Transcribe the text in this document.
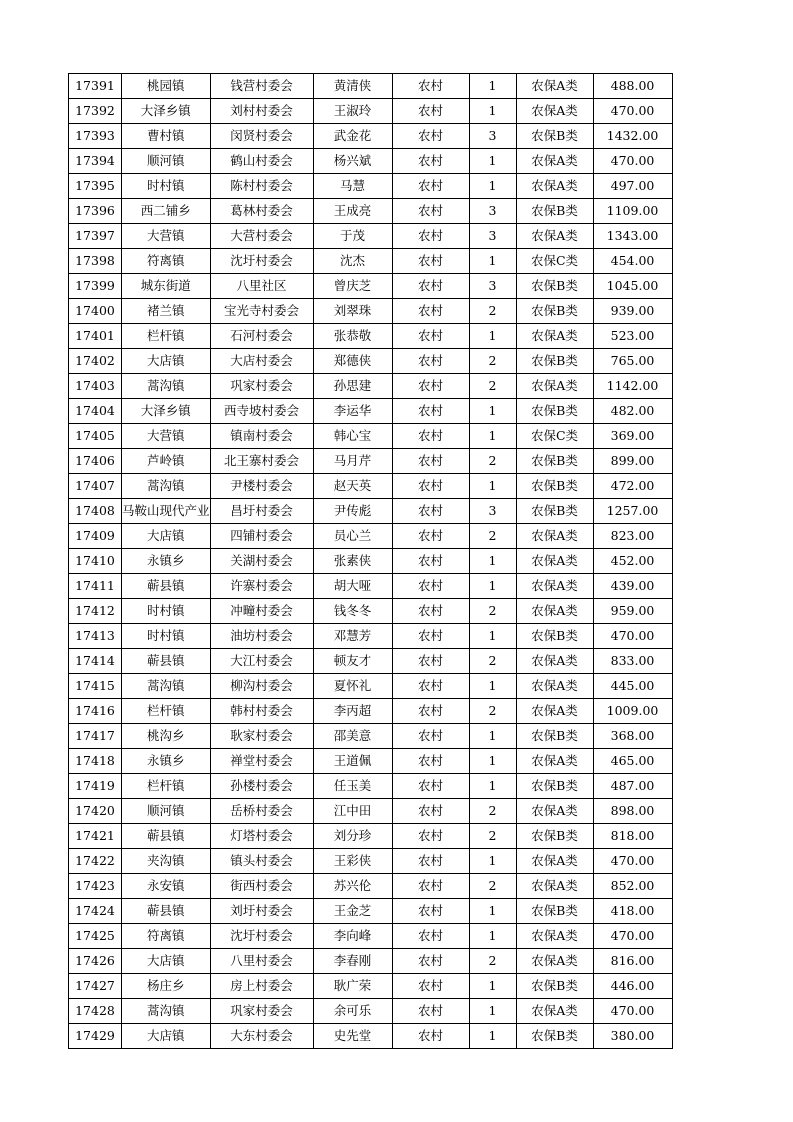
17391	桃园镇	钱营村委会	黄清侠	农村	1	农保A类	488.00
17392	大泽乡镇	刘村村委会	王淑玲	农村	1	农保A类	470.00
17393	曹村镇	闵贤村委会	武金花	农村	3	农保B类	1432.00
17394	顺河镇	鹤山村委会	杨兴斌	农村	1	农保A类	470.00
17395	时村镇	陈村村委会	马慧	农村	1	农保A类	497.00
17396	西二铺乡	葛林村委会	王成亮	农村	3	农保B类	1109.00
17397	大营镇	大营村委会	于茂	农村	3	农保A类	1343.00
17398	符离镇	沈圩村委会	沈杰	农村	1	农保C类	454.00
17399	城东街道	八里社区	曾庆芝	农村	3	农保B类	1045.00
17400	褚兰镇	宝光寺村委会	刘翠珠	农村	2	农保B类	939.00
17401	栏杆镇	石河村委会	张恭敬	农村	1	农保A类	523.00
17402	大店镇	大店村委会	郑德侠	农村	2	农保B类	765.00
17403	蒿沟镇	巩家村委会	孙思建	农村	2	农保A类	1142.00
17404	大泽乡镇	西寺坡村委会	李运华	农村	1	农保B类	482.00
17405	大营镇	镇南村委会	韩心宝	农村	1	农保C类	369.00
17406	芦岭镇	北王寨村委会	马月芹	农村	2	农保B类	899.00
17407	蒿沟镇	尹楼村委会	赵天英	农村	1	农保B类	472.00
17408	马鞍山现代产业	昌圩村委会	尹传彪	农村	3	农保B类	1257.00
17409	大店镇	四铺村委会	员心兰	农村	2	农保A类	823.00
17410	永镇乡	关湖村委会	张素侠	农村	1	农保A类	452.00
17411	蕲县镇	许寨村委会	胡大哑	农村	1	农保A类	439.00
17412	时村镇	冲疃村委会	钱冬冬	农村	2	农保A类	959.00
17413	时村镇	油坊村委会	邓慧芳	农村	1	农保B类	470.00
17414	蕲县镇	大江村委会	顿友才	农村	2	农保A类	833.00
17415	蒿沟镇	柳沟村委会	夏怀礼	农村	1	农保A类	445.00
17416	栏杆镇	韩村村委会	李丙超	农村	2	农保A类	1009.00
17417	桃沟乡	耿家村委会	邵美意	农村	1	农保B类	368.00
17418	永镇乡	禅堂村委会	王道佩	农村	1	农保A类	465.00
17419	栏杆镇	孙楼村委会	任玉美	农村	1	农保B类	487.00
17420	顺河镇	岳桥村委会	江中田	农村	2	农保A类	898.00
17421	蕲县镇	灯塔村委会	刘分珍	农村	2	农保B类	818.00
17422	夹沟镇	镇头村委会	王彩侠	农村	1	农保A类	470.00
17423	永安镇	街西村委会	苏兴伦	农村	2	农保A类	852.00
17424	蕲县镇	刘圩村委会	王金芝	农村	1	农保B类	418.00
17425	符离镇	沈圩村委会	李向峰	农村	1	农保A类	470.00
17426	大店镇	八里村委会	李春刚	农村	2	农保A类	816.00
17427	杨庄乡	房上村委会	耿广荣	农村	1	农保B类	446.00
17428	蒿沟镇	巩家村委会	余可乐	农村	1	农保A类	470.00
17429	大店镇	大东村委会	史先堂	农村	1	农保B类	380.00
